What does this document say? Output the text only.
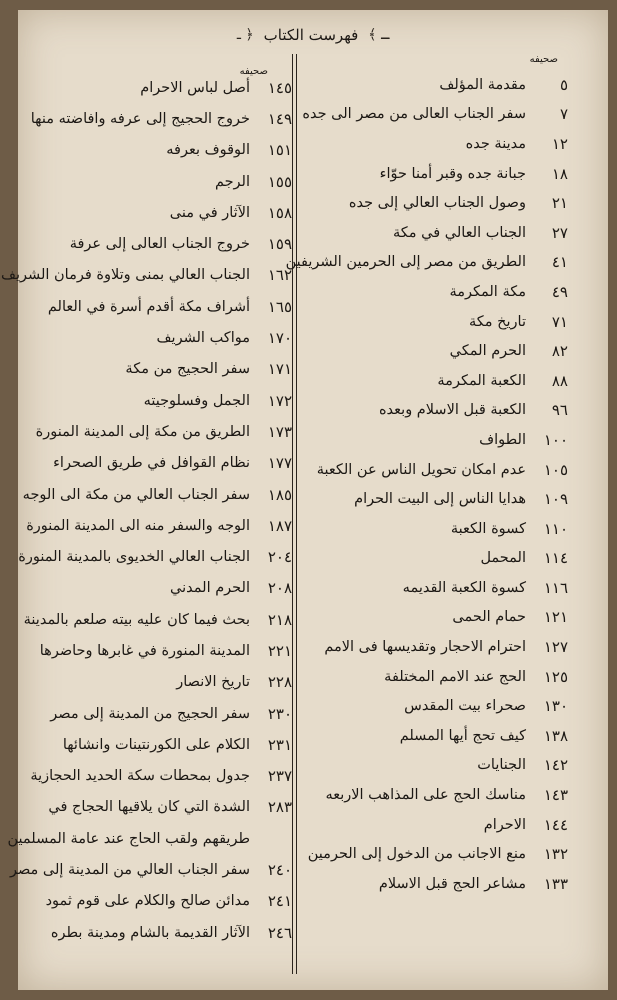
ـ ﴾
فهرست الكتاب
﴿ ـ
صحيفه
صحيفه
٥
مقدمة المؤلف
٧
سفر الجناب العالى من مصر الى جده
١٢
مدينة جده
١٨
جبانة جده وقبر أمنا حوّاء
٢١
وصول الجناب العالي إلى جده
٢٧
الجناب العالي في مكة
٤١
الطريق من مصر إلى الحرمين الشريفين
٤٩
مكة المكرمة
٧١
تاريخ مكة
٨٢
الحرم المكي
٨٨
الكعبة المكرمة
٩٦
الكعبة قبل الاسلام وبعده
١٠٠
الطواف
١٠٥
عدم امكان تحويل الناس عن الكعبة
١٠٩
هدايا الناس إلى البيت الحرام
١١٠
كسوة الكعبة
١١٤
المحمل
١١٦
كسوة الكعبة القديمه
١٢١
حمام الحمى
١٢٧
احترام الاحجار وتقديسها فى الامم
١٢٥
الحج عند الامم المختلفة
١٣٠
صحراء بيت المقدس
١٣٨
كيف تحج أيها المسلم
١٤٢
الجنايات
١٤٣
مناسك الحج على المذاهب الاربعه
١٤٤
الاحرام
١٣٢
منع الاجانب من الدخول إلى الحرمين
١٣٣
مشاعر الحج قبل الاسلام
١٤٥
أصل لباس الاحرام
١٤٩
خروج الحجيج إلى عرفه وافاضته منها
١٥١
الوقوف بعرفه
١٥٥
الرجم
١٥٨
الآثار في منى
١٥٩
خروج الجناب العالى إلى عرفة
١٦٢
الجناب العالي بمنى وتلاوة فرمان الشريف
١٦٥
أشراف مكة أقدم أسرة في العالم
١٧٠
مواكب الشريف
١٧١
سفر الحجيج من مكة
١٧٢
الجمل وفسلوجيته
١٧٣
الطريق من مكة إلى المدينة المنورة
١٧٧
نظام القوافل في طريق الصحراء
١٨٥
سفر الجناب العالي من مكة الى الوجه
١٨٧
الوجه والسفر منه الى المدينة المنورة
٢٠٤
الجناب العالي الخديوى بالمدينة المنورة
٢٠٨
الحرم المدني
٢١٨
بحث فيما كان عليه بيته صلعم بالمدينة
٢٢١
المدينة المنورة في غابرها وحاضرها
٢٢٨
تاريخ الانصار
٢٣٠
سفر الحجيج من المدينة إلى مصر
٢٣١
الكلام على الكورنتينات وانشائها
٢٣٧
جدول بمحطات سكة الحديد الحجازية
٢٨٣
الشدة التي كان يلاقيها الحجاج في
طريقهم ولقب الحاج عند عامة المسلمين
٢٤٠
سفر الجناب العالي من المدينة إلى مصر
٢٤١
مدائن صالح والكلام على قوم ثمود
٢٤٦
الآثار القديمة بالشام ومدينة بطره
